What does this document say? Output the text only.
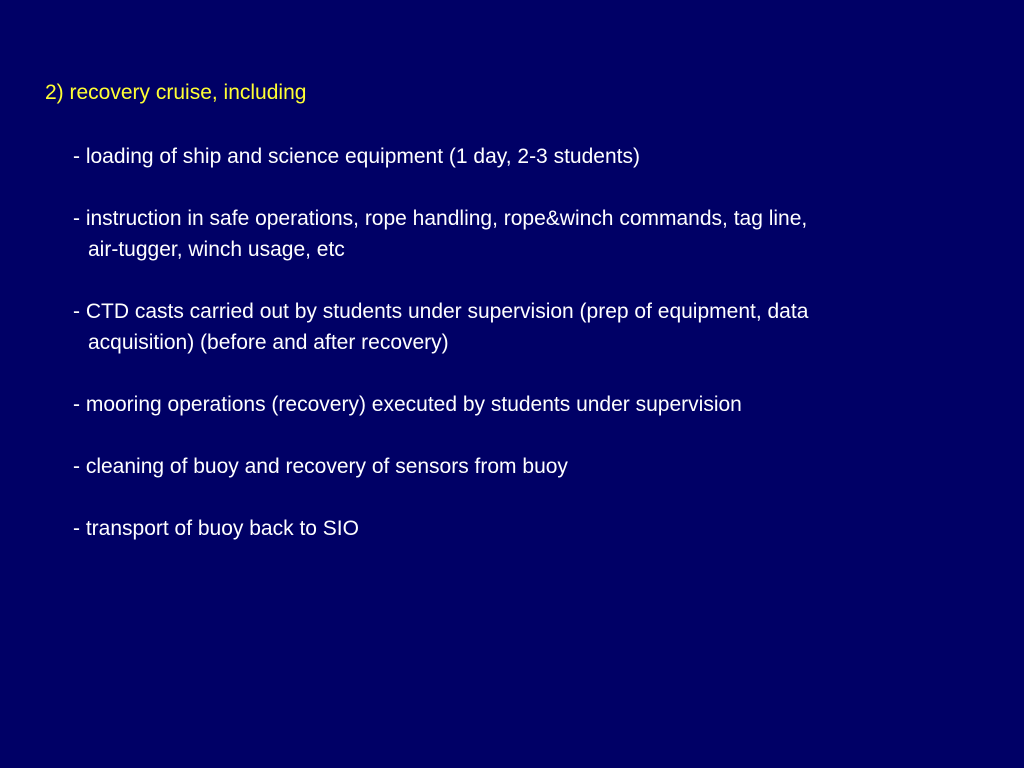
2) recovery cruise, including
- loading of ship and science equipment (1 day, 2-3 students)
- instruction in safe operations, rope handling, rope&winch commands, tag line,
air-tugger, winch usage, etc
- CTD casts carried out by students under supervision (prep of equipment, data
acquisition) (before and after recovery)
- mooring operations (recovery) executed by students under supervision
- cleaning of buoy and recovery of sensors from buoy
- transport of buoy back to SIO
